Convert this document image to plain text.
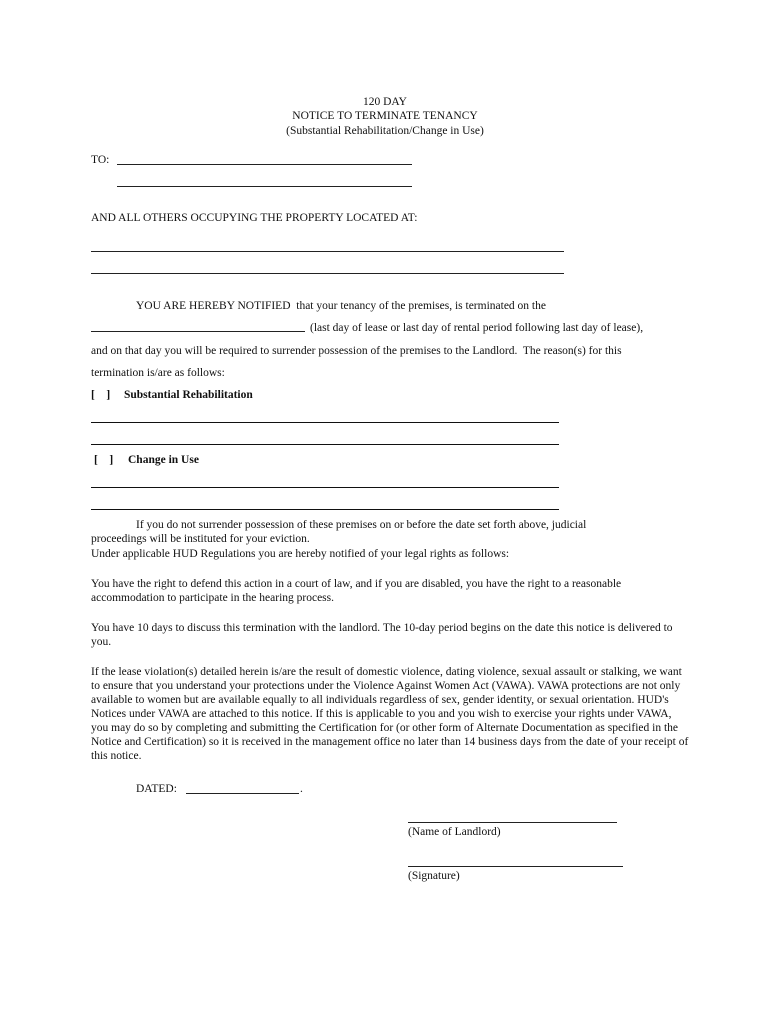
120 DAY
NOTICE TO TERMINATE TENANCY
(Substantial Rehabilitation/Change in Use)
TO:
AND ALL OTHERS OCCUPYING THE PROPERTY LOCATED AT:
YOU ARE HEREBY NOTIFIED  that your tenancy of the premises, is terminated on the
(last day of lease or last day of rental period following last day of lease),
and on that day you will be required to surrender possession of the premises to the Landlord.  The reason(s) for this
termination is/are as follows:
[    ] Substantial Rehabilitation
[    ] Change in Use
If you do not surrender possession of these premises on or before the date set forth above, judicial
proceedings will be instituted for your eviction.
Under applicable HUD Regulations you are hereby notified of your legal rights as follows:
You have the right to defend this action in a court of law, and if you are disabled, you have the right to a reasonable accommodation to participate in the hearing process.
You have 10 days to discuss this termination with the landlord. The 10-day period begins on the date this notice is delivered to you.
If the lease violation(s) detailed herein is/are the result of domestic violence, dating violence, sexual assault or stalking, we want to ensure that you understand your protections under the Violence Against Women Act (VAWA). VAWA protections are not only available to women but are available equally to all individuals regardless of sex, gender identity, or sexual orientation. HUD's Notices under VAWA are attached to this notice. If this is applicable to you and you wish to exercise your rights under VAWA, you may do so by completing and submitting the Certification for (or other form of Alternate Documentation as specified in the Notice and Certification) so it is received in the management office no later than 14 business days from the date of your receipt of this notice.
DATED:	.
(Name of Landlord)
(Signature)
